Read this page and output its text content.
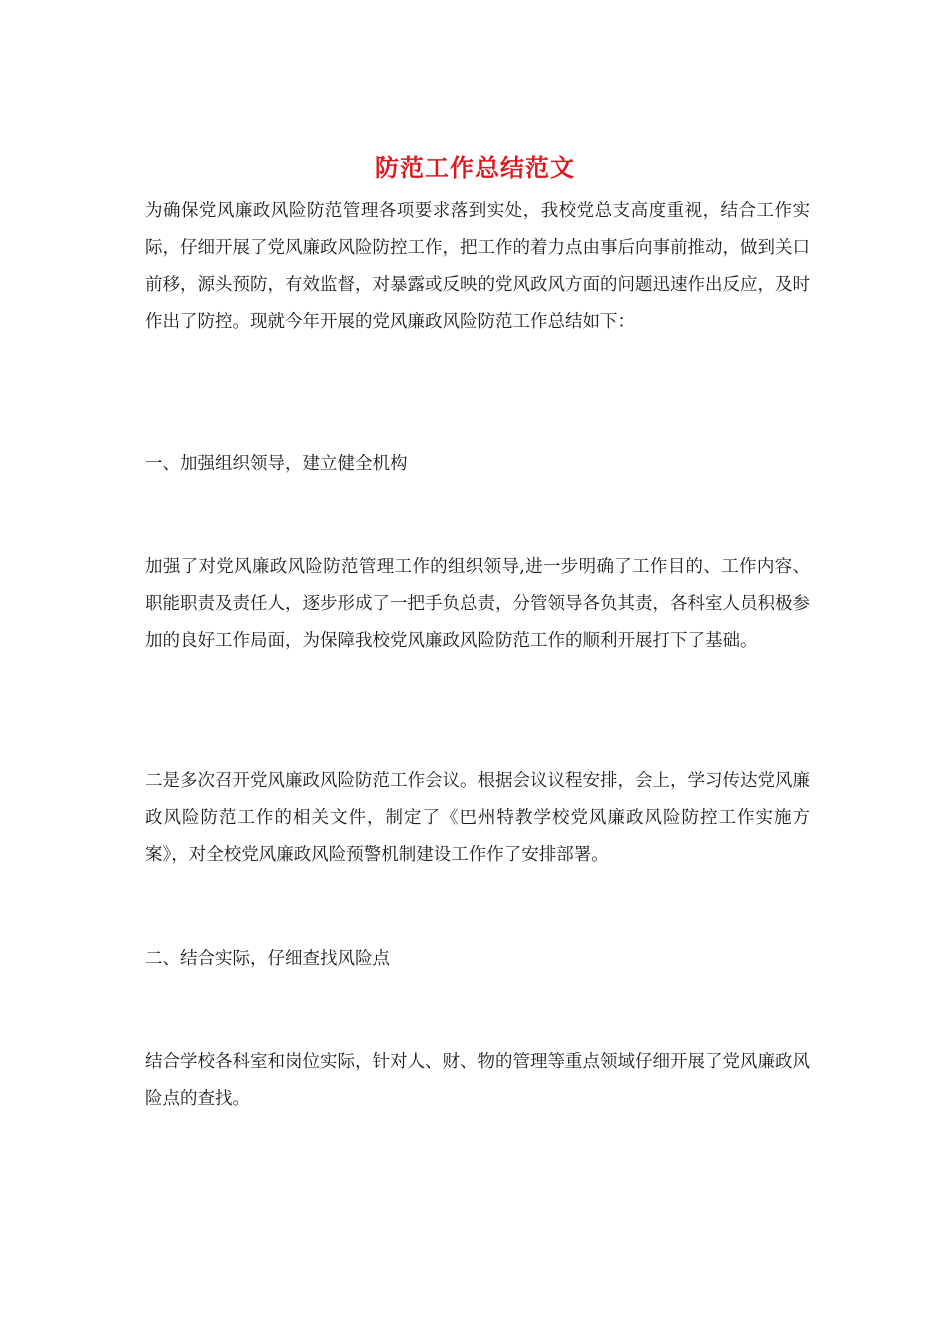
防范工作总结范文

为确保党风廉政风险防范管理各项要求落到实处，我校党总支高度重视，结合工作实际，仔细开展了党风廉政风险防控工作，把工作的着力点由事后向事前推动，做到关口前移，源头预防，有效监督，对暴露或反映的党风政风方面的问题迅速作出反应，及时作出了防控。现就今年开展的党风廉政风险防范工作总结如下：

一、加强组织领导，建立健全机构

加强了对党风廉政风险防范管理工作的组织领导,进一步明确了工作目的、工作内容、职能职责及责任人，逐步形成了一把手负总责，分管领导各负其责，各科室人员积极参加的良好工作局面，为保障我校党风廉政风险防范工作的顺利开展打下了基础。

二是多次召开党风廉政风险防范工作会议。根据会议议程安排，会上，学习传达党风廉政风险防范工作的相关文件，制定了《巴州特教学校党风廉政风险防控工作实施方案》，对全校党风廉政风险预警机制建设工作作了安排部署。

二、结合实际，仔细查找风险点

结合学校各科室和岗位实际，针对人、财、物的管理等重点领域仔细开展了党风廉政风险点的查找。
